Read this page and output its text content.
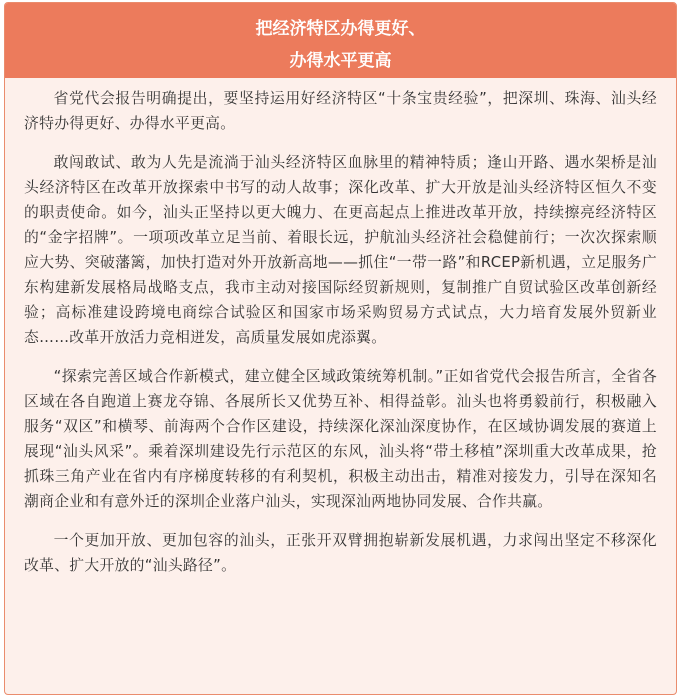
把经济特区办得更好、
办得水平更高

省党代会报告明确提出，要坚持运用好经济特区“十条宝贵经验”，把深圳、珠海、汕头经济特办得更好、办得水平更高。

敢闯敢试、敢为人先是流淌于汕头经济特区血脉里的精神特质；逢山开路、遇水架桥是汕头经济特区在改革开放探索中书写的动人故事；深化改革、扩大开放是汕头经济特区恒久不变的职责使命。如今，汕头正坚持以更大魄力、在更高起点上推进改革开放，持续擦亮经济特区的“金字招牌”。一项项改革立足当前、着眼长远，护航汕头经济社会稳健前行；一次次探索顺应大势、突破藩篱，加快打造对外开放新高地——抓住“一带一路”和RCEP新机遇，立足服务广东构建新发展格局战略支点，我市主动对接国际经贸新规则，复制推广自贸试验区改革创新经验；高标准建设跨境电商综合试验区和国家市场采购贸易方式试点，大力培育发展外贸新业态……改革开放活力竞相迸发，高质量发展如虎添翼。

“探索完善区域合作新模式，建立健全区域政策统筹机制。”正如省党代会报告所言，全省各区域在各自跑道上赛龙夺锦、各展所长又优势互补、相得益彰。汕头也将勇毅前行，积极融入服务“双区”和横琴、前海两个合作区建设，持续深化深汕深度协作，在区域协调发展的赛道上展现“汕头风采”。乘着深圳建设先行示范区的东风，汕头将“带土移植”深圳重大改革成果，抢抓珠三角产业在省内有序梯度转移的有利契机，积极主动出击，精准对接发力，引导在深知名潮商企业和有意外迁的深圳企业落户汕头，实现深汕两地协同发展、合作共赢。

一个更加开放、更加包容的汕头，正张开双臂拥抱崭新发展机遇，力求闯出坚定不移深化改革、扩大开放的“汕头路径”。
